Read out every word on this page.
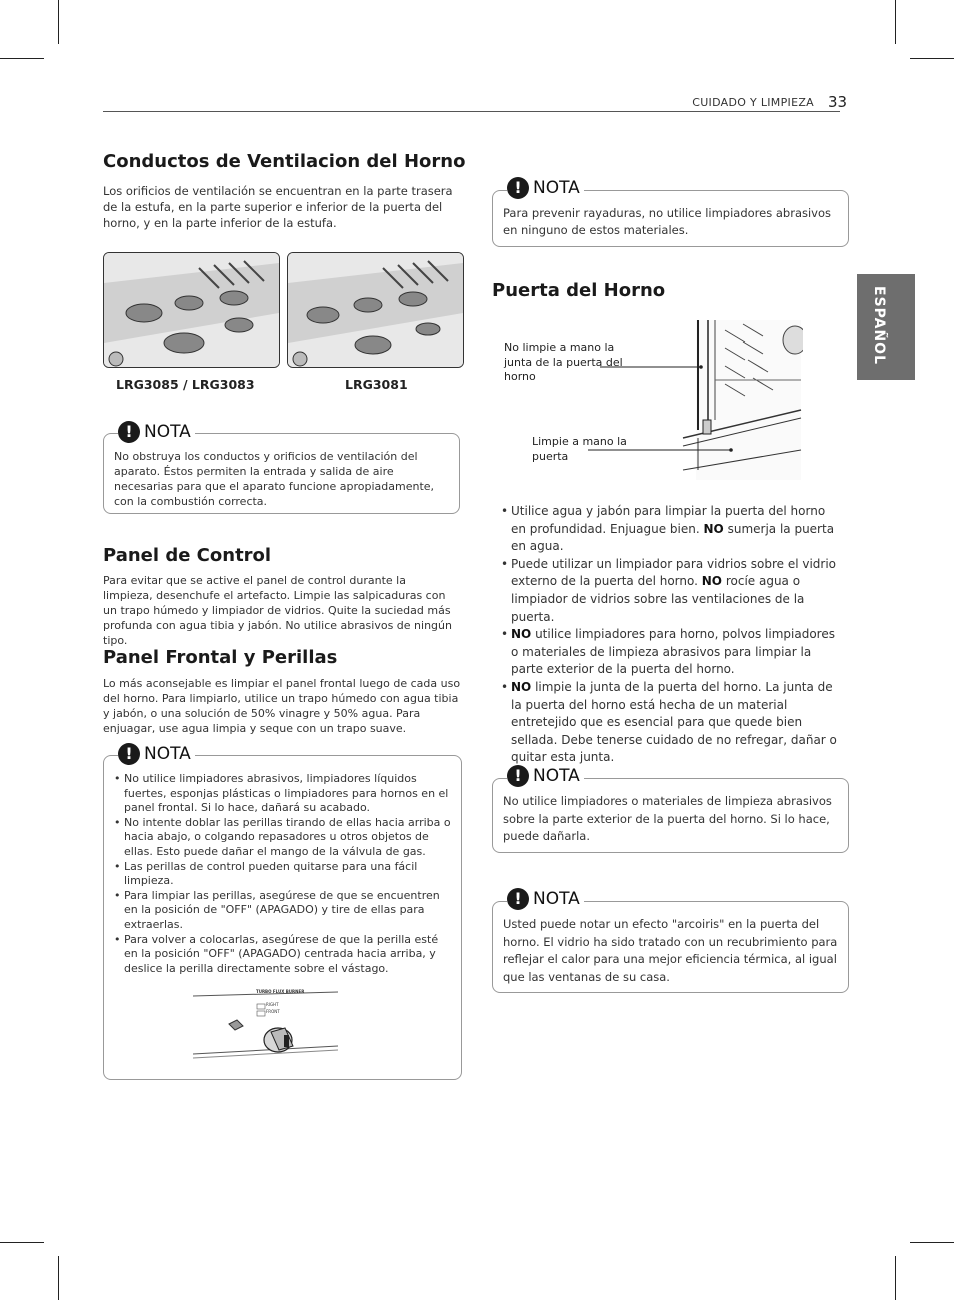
CUIDADO Y LIMPIEZA 33
ESPAÑOL
Conductos de Ventilacion del Horno

Los orificios de ventilación se encuentran en la parte trasera de la estufa, en la parte superior e inferior de la puerta del horno, y en la parte inferior de la estufa.

LRG3085 / LRG3083	LRG3081
! NOTA

No obstruya los conductos y orificios de ventilación del aparato. Éstos permiten la entrada y salida de aire necesarias para que el aparato funcione apropiadamente, con la combustión correcta.

Panel de Control

Para evitar que se active el panel de control durante la limpieza, desenchufe el artefacto. Limpie las salpicaduras con un trapo húmedo y limpiador de vidrios. Quite la suciedad más profunda con agua tibia y jabón. No utilice abrasivos de ningún tipo.

Panel Frontal y Perillas

Lo más aconsejable es limpiar el panel frontal luego de cada uso del horno. Para limpiarlo, utilice un trapo húmedo con agua tibia y jabón, o una solución de 50% vinagre y 50% agua. Para enjuagar, use agua limpia y seque con un trapo suave.

! NOTA
• No utilice limpiadores abrasivos, limpiadores líquidos fuertes, esponjas plásticas o limpiadores para hornos en el panel frontal. Si lo hace, dañará su acabado.
• No intente doblar las perillas tirando de ellas hacia arriba o hacia abajo, o colgando repasadores u otros objetos de ellas. Esto puede dañar el mango de la válvula de gas.
• Las perillas de control pueden quitarse para una fácil limpieza.
• Para limpiar las perillas, asegúrese de que se encuentren en la posición de "OFF" (APAGADO) y tire de ellas para extraerlas.
• Para volver a colocarlas, asegúrese de que la perilla esté en la posición "OFF" (APAGADO) centrada hacia arriba, y deslice la perilla directamente sobre el vástago.
TURBO FLUX BURNER
RIGHT
FRONT
! NOTA

Para prevenir rayaduras, no utilice limpiadores abrasivos en ninguno de estos materiales.

Puerta del Horno
No limpie a mano la junta de la puerta del horno
Limpie a mano la puerta
• Utilice agua y jabón para limpiar la puerta del horno en profundidad. Enjuague bien. NO sumerja la puerta en agua.
• Puede utilizar un limpiador para vidrios sobre el vidrio externo de la puerta del horno. NO rocíe agua o limpiador de vidrios sobre las ventilaciones de la puerta.
• NO utilice limpiadores para horno, polvos limpiadores o materiales de limpieza abrasivos para limpiar la parte exterior de la puerta del horno.
• NO limpie la junta de la puerta del horno. La junta de la puerta del horno está hecha de un material entretejido que es esencial para que quede bien sellada. Debe tenerse cuidado de no refregar, dañar o quitar esta junta.
! NOTA

No utilice limpiadores o materiales de limpieza abrasivos sobre la parte exterior de la puerta del horno. Si lo hace, puede dañarla.

! NOTA

Usted puede notar un efecto "arcoiris" en la puerta del horno. El vidrio ha sido tratado con un recubrimiento para reflejar el calor para una mejor eficiencia térmica, al igual que las ventanas de su casa.
